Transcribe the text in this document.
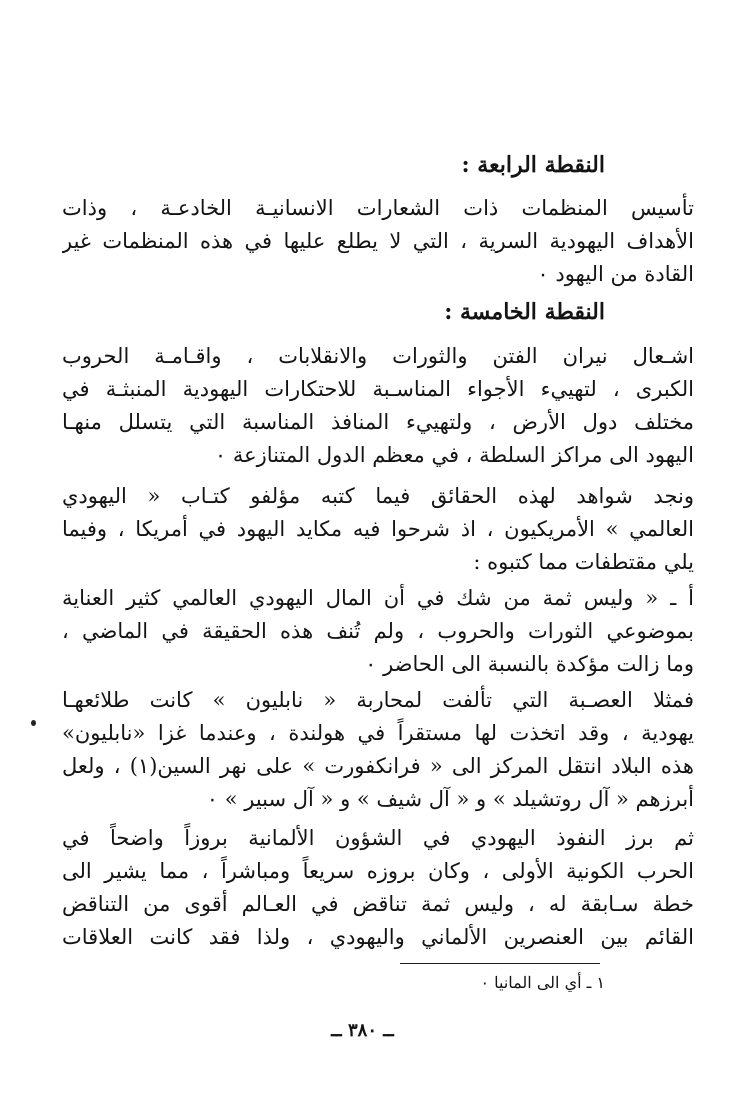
النقطة الرابعة :
تأسيس المنظمات ذات الشعارات الانسانيـة الخادعـة ، وذات
الأهداف اليهودية السرية ، التي لا يطلع عليها في هذه المنظمات غير
القادة من اليهود ٠
النقطة الخامسة :
اشـعال نيران الفتن والثورات والانقلابات ، واقـامـة الحروب
الكبرى ، لتهييء الأجواء المناسـبة للاحتكارات اليهودية المنبثـة في
مختلف دول الأرض ، ولتهييء المنافذ المناسبة التي يتسلل منهـا
اليهود الى مراكز السلطة ، في معظم الدول المتنازعة ٠
ونجد شواهد لهذه الحقائق فيما كتبه مؤلفو كتـاب « اليهودي
العالمي » الأمريكيون ، اذ شرحوا فيه مكايد اليهود في أمريكا ، وفيما
يلي مقتطفات مما كتبوه :
أ ـ « وليس ثمة من شك في أن المال اليهودي العالمي كثير العناية
بموضوعي الثورات والحروب ، ولم تُنف هذه الحقيقة في الماضي ،
وما زالت مؤكدة بالنسبة الى الحاضر ٠
فمثلا العصـبة التي تألفت لمحاربة « نابليون » كانت طلائعهـا
يهودية ، وقد اتخذت لها مستقراً في هولندة ، وعندما غزا «نابليون»
هذه البلاد انتقل المركز الى « فرانكفورت » على نهر السين(١) ، ولعل
أبرزهم « آل روتشيلد » و « آل شيف » و « آل سبير » ٠
ثم برز النفوذ اليهودي في الشؤون الألمانية بروزاً واضحاً في
الحرب الكونية الأولى ، وكان بروزه سريعاً ومباشراً ، مما يشير الى
خطة سـابقة له ، وليس ثمة تناقض في العـالم أقوى من التناقض
القائم بين العنصرين الألماني واليهودي ، ولذا فقد كانت العلاقات
١ ـ أي الى المانيا ٠
ــ ٣٨٠ ــ
